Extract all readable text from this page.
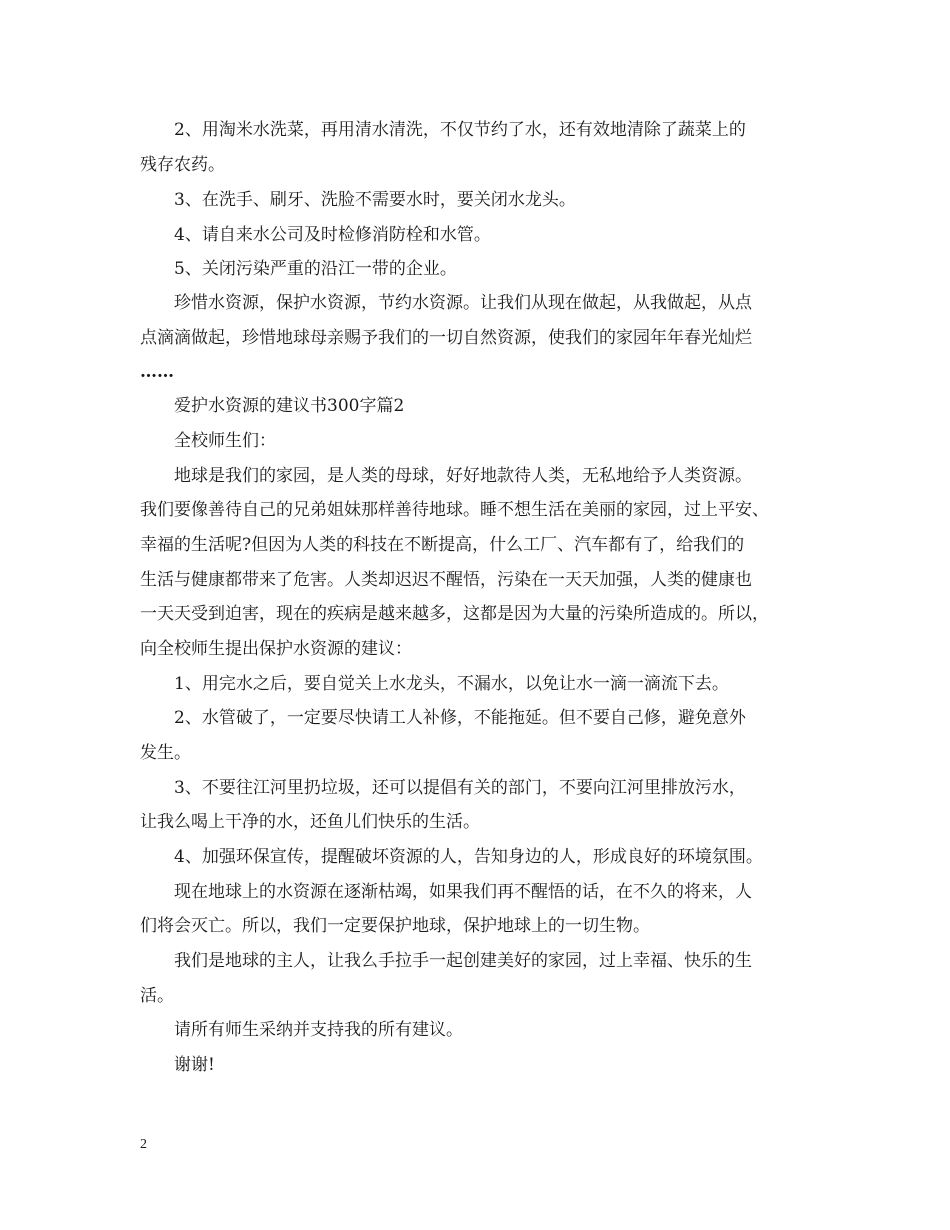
2、用淘米水洗菜，再用清水清洗，不仅节约了水，还有效地清除了蔬菜上的
残存农药。
3、在洗手、刷牙、洗脸不需要水时，要关闭水龙头。
4、请自来水公司及时检修消防栓和水管。
5、关闭污染严重的沿江一带的企业。
珍惜水资源，保护水资源，节约水资源。让我们从现在做起，从我做起，从点
点滴滴做起，珍惜地球母亲赐予我们的一切自然资源，使我们的家园年年春光灿烂
……
爱护水资源的建议书300字篇2
全校师生们：
地球是我们的家园，是人类的母球，好好地款待人类，无私地给予人类资源。
我们要像善待自己的兄弟姐妹那样善待地球。睡不想生活在美丽的家园，过上平安、
幸福的生活呢?但因为人类的科技在不断提高，什么工厂、汽车都有了，给我们的
生活与健康都带来了危害。人类却迟迟不醒悟，污染在一天天加强，人类的健康也
一天天受到迫害，现在的疾病是越来越多，这都是因为大量的污染所造成的。所以，
向全校师生提出保护水资源的建议：
1、用完水之后，要自觉关上水龙头，不漏水，以免让水一滴一滴流下去。
2、水管破了，一定要尽快请工人补修，不能拖延。但不要自己修，避免意外
发生。
3、不要往江河里扔垃圾，还可以提倡有关的部门，不要向江河里排放污水，
让我么喝上干净的水，还鱼儿们快乐的生活。
4、加强环保宣传，提醒破坏资源的人，告知身边的人，形成良好的环境氛围。
现在地球上的水资源在逐渐枯竭，如果我们再不醒悟的话，在不久的将来，人
们将会灭亡。所以，我们一定要保护地球，保护地球上的一切生物。
我们是地球的主人，让我么手拉手一起创建美好的家园，过上幸福、快乐的生
活。
请所有师生采纳并支持我的所有建议。
谢谢!
2
